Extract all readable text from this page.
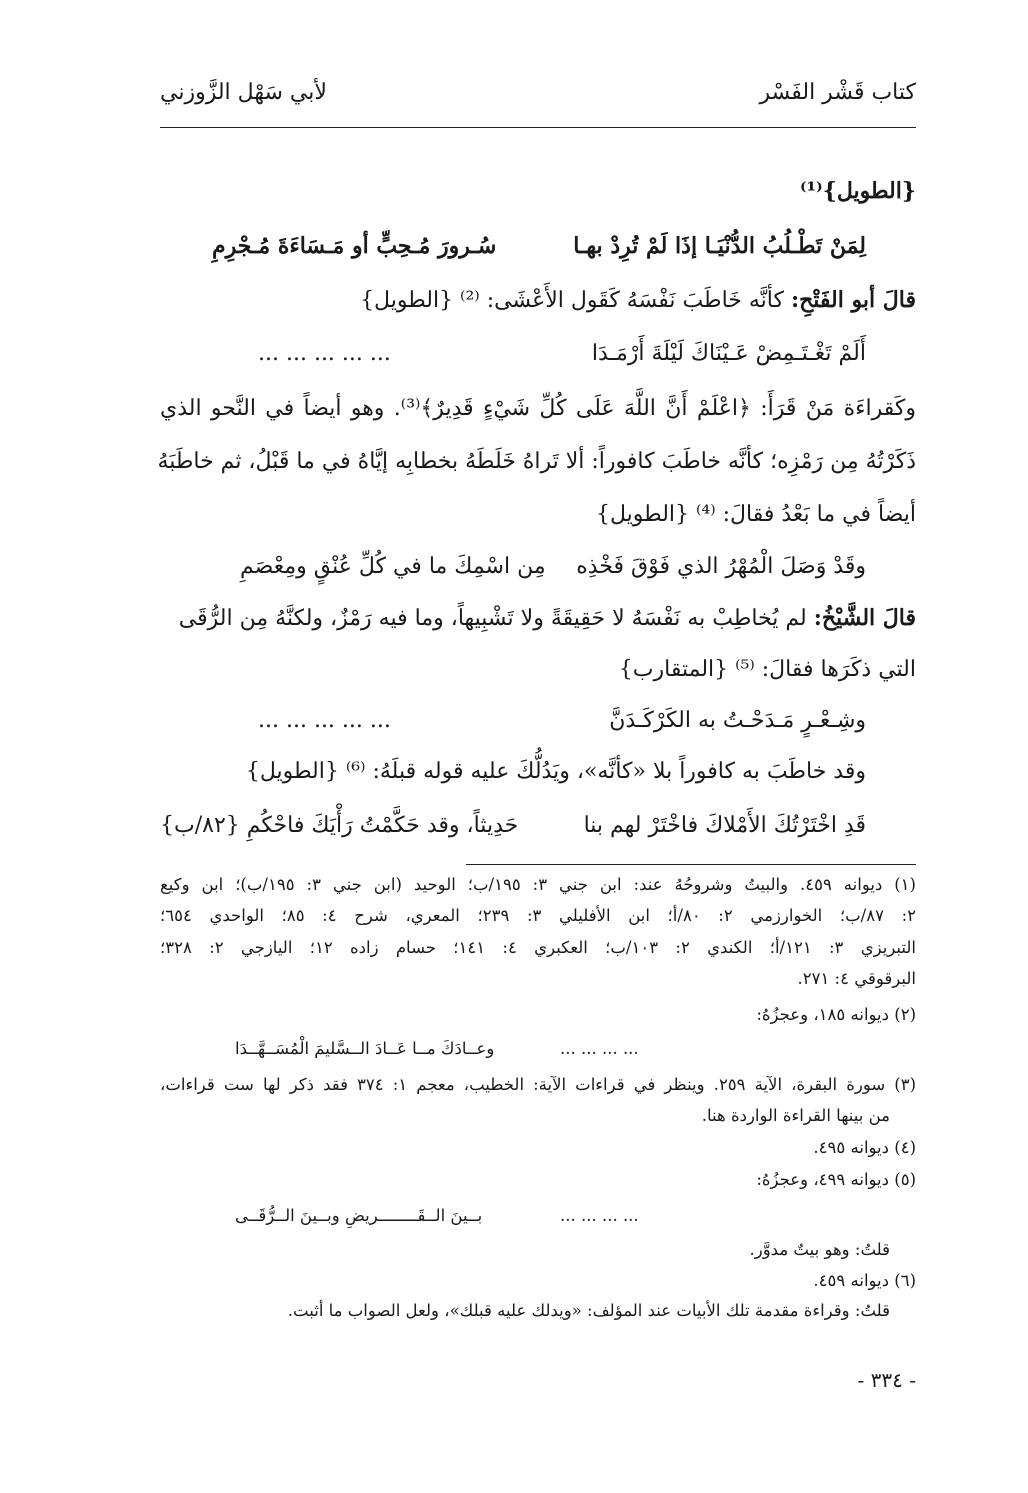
كتاب قَشْر الفَسْر
لأبي سَهْل الزَّوزني
{الطويل}⁽¹⁾
لِمَنْ تَطْـلُبُ الدُّنْيَـا إذَا لَمْ تُرِدْ بهـا
سُـرورَ مُـحِبٍّ أو مَـسَاءَةَ مُـجْرِمِ
قالَ أبو الفَتْحِ: كأنَّه خَاطَبَ نَفْسَهُ كَقَول الأَعْشَى: ⁽²⁾ {الطويل}
أَلَمْ تَغْـتَـمِضْ عَـيْنَاكَ لَيْلَةَ أَرْمَـدَا
... ... ... ... ...
وكَقراءَة مَنْ قَرَأَ: ﴿اعْلَمْ أَنَّ اللَّهَ عَلَى كُلِّ شَيْءٍ قَدِيرٌ﴾⁽³⁾. وهو أيضاً في النَّحو الذي
ذَكَرْتُهُ مِن رَمْزِه؛ كأنَّه خاطَبَ كافوراً: ألا تَراهُ خَلَطَهُ بخطابِه إيَّاهُ في ما قَبْلُ، ثم خاطَبَهُ
أيضاً في ما بَعْدُ فقالَ: ⁽⁴⁾ {الطويل}
وقَدْ وَصَلَ الْمُهْرُ الذي فَوْقَ فَخْذِه
مِن اسْمِكَ ما في كُلِّ عُنْقٍ ومِعْصَمِ
قالَ الشَّيْخُ: لم يُخاطِبْ به نَفْسَهُ لا حَقِيقَةً ولا تَشْبِيهاً، وما فيه رَمْزٌ، ولكنَّهُ مِن الرُّقَى
التي ذكَرَها فقالَ: ⁽⁵⁾ {المتقارب}
وشِـعْـرٍ مَـدَحْـتُ به الكَرْكَـدَنَّ
... ... ... ... ...
وقد خاطَبَ به كافوراً بلا «كأنَّه»، ويَدُلُّكَ عليه قوله قبلَهُ: ⁽⁶⁾ {الطويل}
قَدِ اخْتَرْتُكَ الأَمْلاكَ فاخْتَرْ لهم بنا
حَدِيثاً، وقد حَكَّمْتُ رَأْيَكَ فاحْكُمِ {٨٢/ب}
(١) ديوانه ٤٥٩. والبيتُ وشروحُهُ عند: ابن جني ٣: ١٩٥/ب؛ الوحيد (ابن جني ٣: ١٩٥/ب)؛ ابن وكيع
٢: ٨٧/ب؛ الخوارزمي ٢: ٨٠/أ؛ ابن الأفليلي ٣: ٢٣٩؛ المعري، شرح ٤: ٨٥؛ الواحدي ٦٥٤؛
التبريزي ٣: ١٢١/أ؛ الكندي ٢: ١٠٣/ب؛ العكبري ٤: ١٤١؛ حسام زاده ١٢؛ اليازجي ٢: ٣٢٨؛
البرقوقي ٤: ٢٧١.
(٢) ديوانه ١٨٥، وعجزُهُ:
... ... ... ...
وعــادَكَ مــا عَــادَ الــسَّليمَ الْمُسَــهَّــدَا
(٣) سورة البقرة، الآية ٢٥٩. وينظر في قراءات الآية: الخطيب، معجم ١: ٣٧٤ فقد ذكر لها ست قراءات،
من بينها القراءة الواردة هنا.
(٤) ديوانه ٤٩٥.
(٥) ديوانه ٤٩٩، وعجزُهُ:
... ... ... ...
بــينَ الــقَــــــــريضِ وبــينَ الــرُّقَــى
قلتُ: وهو بيتٌ مدوَّر.
(٦) ديوانه ٤٥٩.
قلتُ: وقراءة مقدمة تلك الأبيات عند المؤلف: «ويدلك عليه قبلك»، ولعل الصواب ما أثبت.
- ٣٣٤ -
